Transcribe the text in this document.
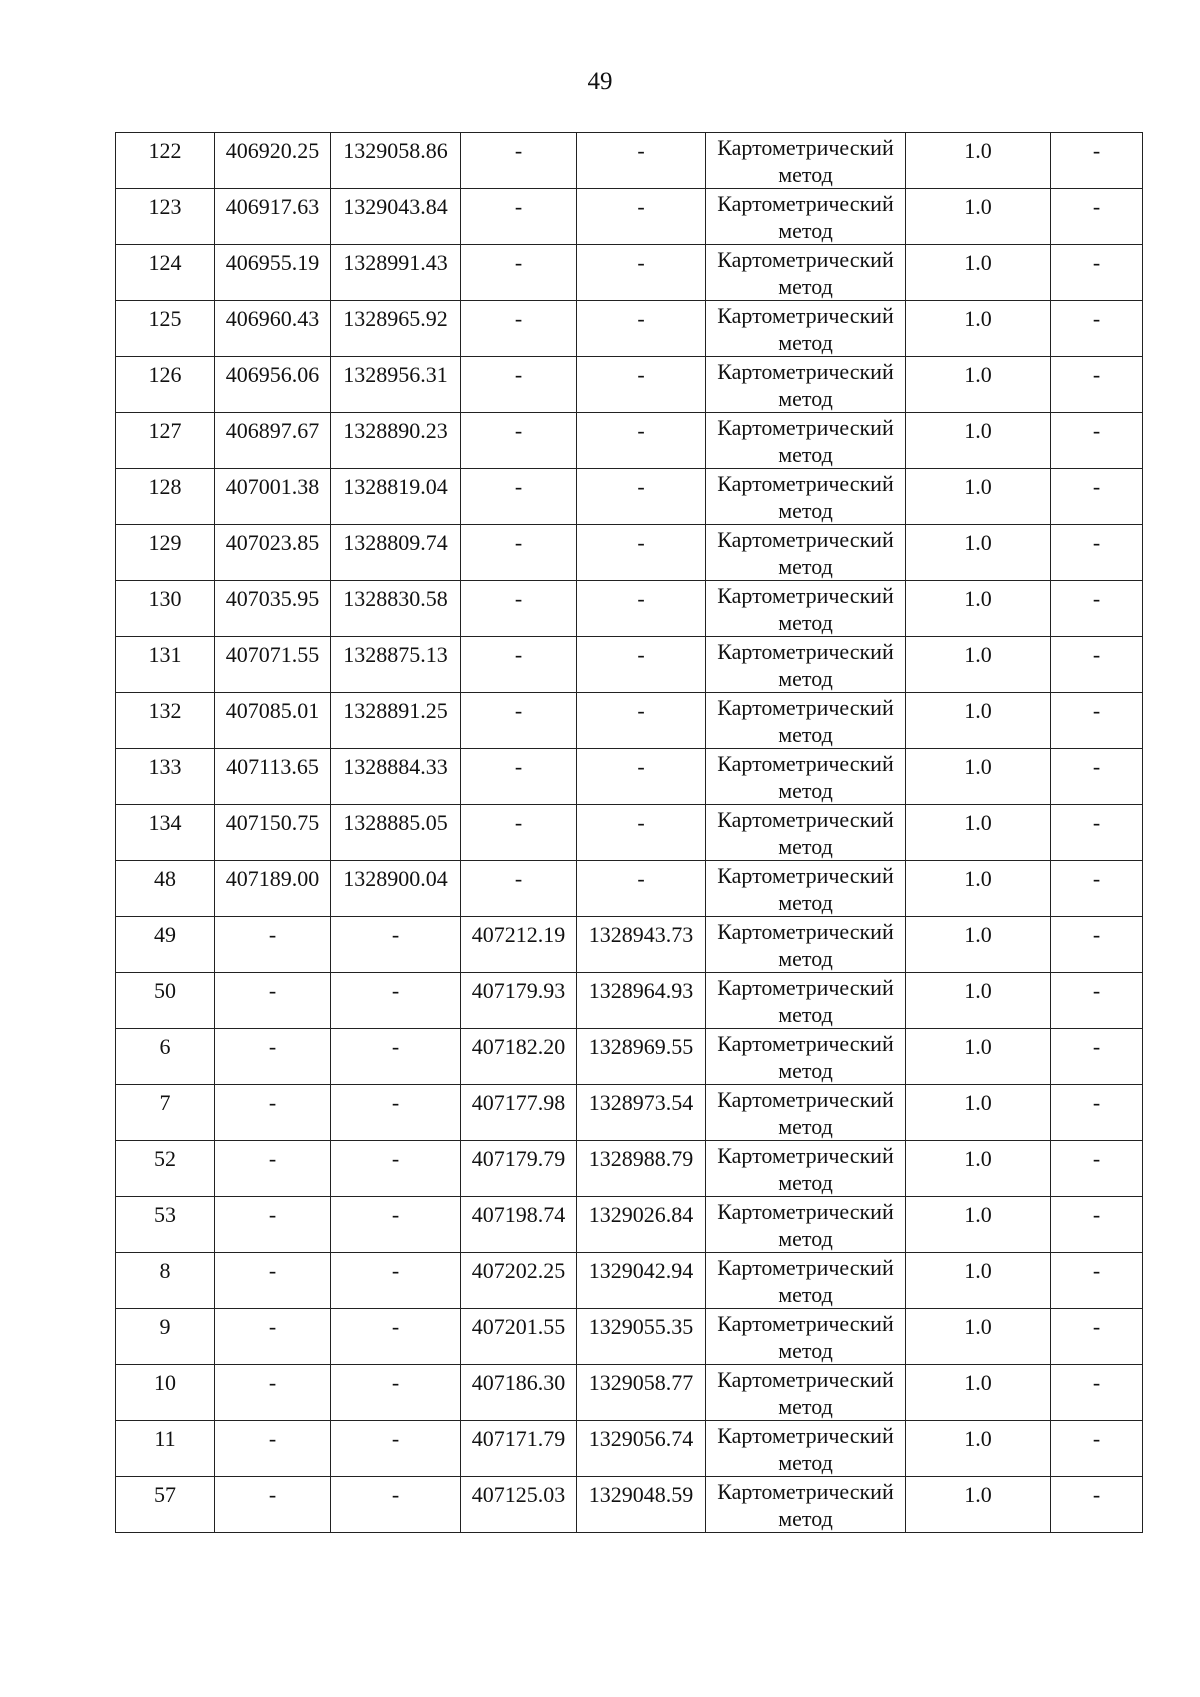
49
122	406920.25	1329058.86	-	-	Картометрический
метод	1.0	-

123	406917.63	1329043.84	-	-	Картометрический
метод	1.0	-

124	406955.19	1328991.43	-	-	Картометрический
метод	1.0	-

125	406960.43	1328965.92	-	-	Картометрический
метод	1.0	-

126	406956.06	1328956.31	-	-	Картометрический
метод	1.0	-

127	406897.67	1328890.23	-	-	Картометрический
метод	1.0	-

128	407001.38	1328819.04	-	-	Картометрический
метод	1.0	-

129	407023.85	1328809.74	-	-	Картометрический
метод	1.0	-

130	407035.95	1328830.58	-	-	Картометрический
метод	1.0	-

131	407071.55	1328875.13	-	-	Картометрический
метод	1.0	-

132	407085.01	1328891.25	-	-	Картометрический
метод	1.0	-

133	407113.65	1328884.33	-	-	Картометрический
метод	1.0	-

134	407150.75	1328885.05	-	-	Картометрический
метод	1.0	-

48	407189.00	1328900.04	-	-	Картометрический
метод	1.0	-

49	-	-	407212.19	1328943.73	Картометрический
метод	1.0	-

50	-	-	407179.93	1328964.93	Картометрический
метод	1.0	-

6	-	-	407182.20	1328969.55	Картометрический
метод	1.0	-

7	-	-	407177.98	1328973.54	Картометрический
метод	1.0	-

52	-	-	407179.79	1328988.79	Картометрический
метод	1.0	-

53	-	-	407198.74	1329026.84	Картометрический
метод	1.0	-

8	-	-	407202.25	1329042.94	Картометрический
метод	1.0	-

9	-	-	407201.55	1329055.35	Картометрический
метод	1.0	-

10	-	-	407186.30	1329058.77	Картометрический
метод	1.0	-

11	-	-	407171.79	1329056.74	Картометрический
метод	1.0	-

57	-	-	407125.03	1329048.59	Картометрический
метод	1.0	-
